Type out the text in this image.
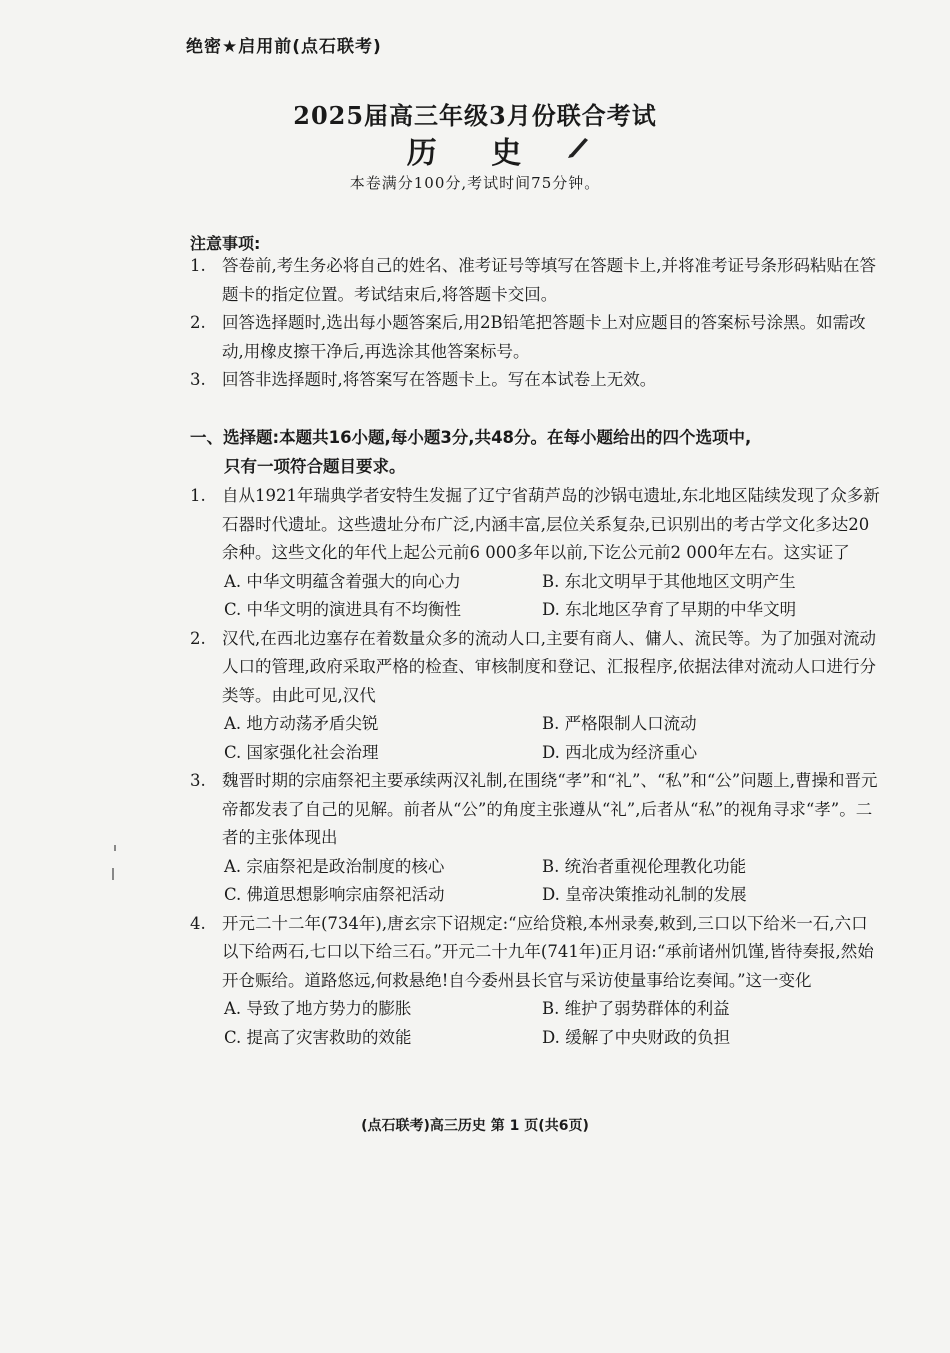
绝密★启用前(点石联考)
2025届高三年级3月份联合考试
历 史
本卷满分100分,考试时间75分钟。
注意事项:
1. 答卷前,考生务必将自己的姓名、准考证号等填写在答题卡上,并将准考证号条形码粘贴在答题卡的指定位置。考试结束后,将答题卡交回。
2. 回答选择题时,选出每小题答案后,用2B铅笔把答题卡上对应题目的答案标号涂黑。如需改动,用橡皮擦干净后,再选涂其他答案标号。
3. 回答非选择题时,将答案写在答题卡上。写在本试卷上无效。
一、选择题:本题共16小题,每小题3分,共48分。在每小题给出的四个选项中,
只有一项符合题目要求。
1. 自从1921年瑞典学者安特生发掘了辽宁省葫芦岛的沙锅屯遗址,东北地区陆续发现了众多新石器时代遗址。这些遗址分布广泛,内涵丰富,层位关系复杂,已识别出的考古学文化多达20余种。这些文化的年代上起公元前6 000多年以前,下讫公元前2 000年左右。这实证了
A. 中华文明蕴含着强大的向心力	B. 东北文明早于其他地区文明产生
C. 中华文明的演进具有不均衡性	D. 东北地区孕育了早期的中华文明
2. 汉代,在西北边塞存在着数量众多的流动人口,主要有商人、傭人、流民等。为了加强对流动人口的管理,政府采取严格的检查、审核制度和登记、汇报程序,依据法律对流动人口进行分类等。由此可见,汉代
A. 地方动荡矛盾尖锐	B. 严格限制人口流动
C. 国家强化社会治理	D. 西北成为经济重心
3. 魏晋时期的宗庙祭祀主要承续两汉礼制,在围绕“孝”和“礼”、“私”和“公”问题上,曹操和晋元帝都发表了自己的见解。前者从“公”的角度主张遵从“礼”,后者从“私”的视角寻求“孝”。二者的主张体现出
A. 宗庙祭祀是政治制度的核心	B. 统治者重视伦理教化功能
C. 佛道思想影响宗庙祭祀活动	D. 皇帝决策推动礼制的发展
4. 开元二十二年(734年),唐玄宗下诏规定:“应给贷粮,本州录奏,敕到,三口以下给米一石,六口以下给两石,七口以下给三石。”开元二十九年(741年)正月诏:“承前诸州饥馑,皆待奏报,然始开仓赈给。道路悠远,何救悬绝!自今委州县长官与采访使量事给讫奏闻。”这一变化
A. 导致了地方势力的膨胀	B. 维护了弱势群体的利益
C. 提高了灾害救助的效能	D. 缓解了中央财政的负担
(点石联考)高三历史 第 1 页(共6页)
